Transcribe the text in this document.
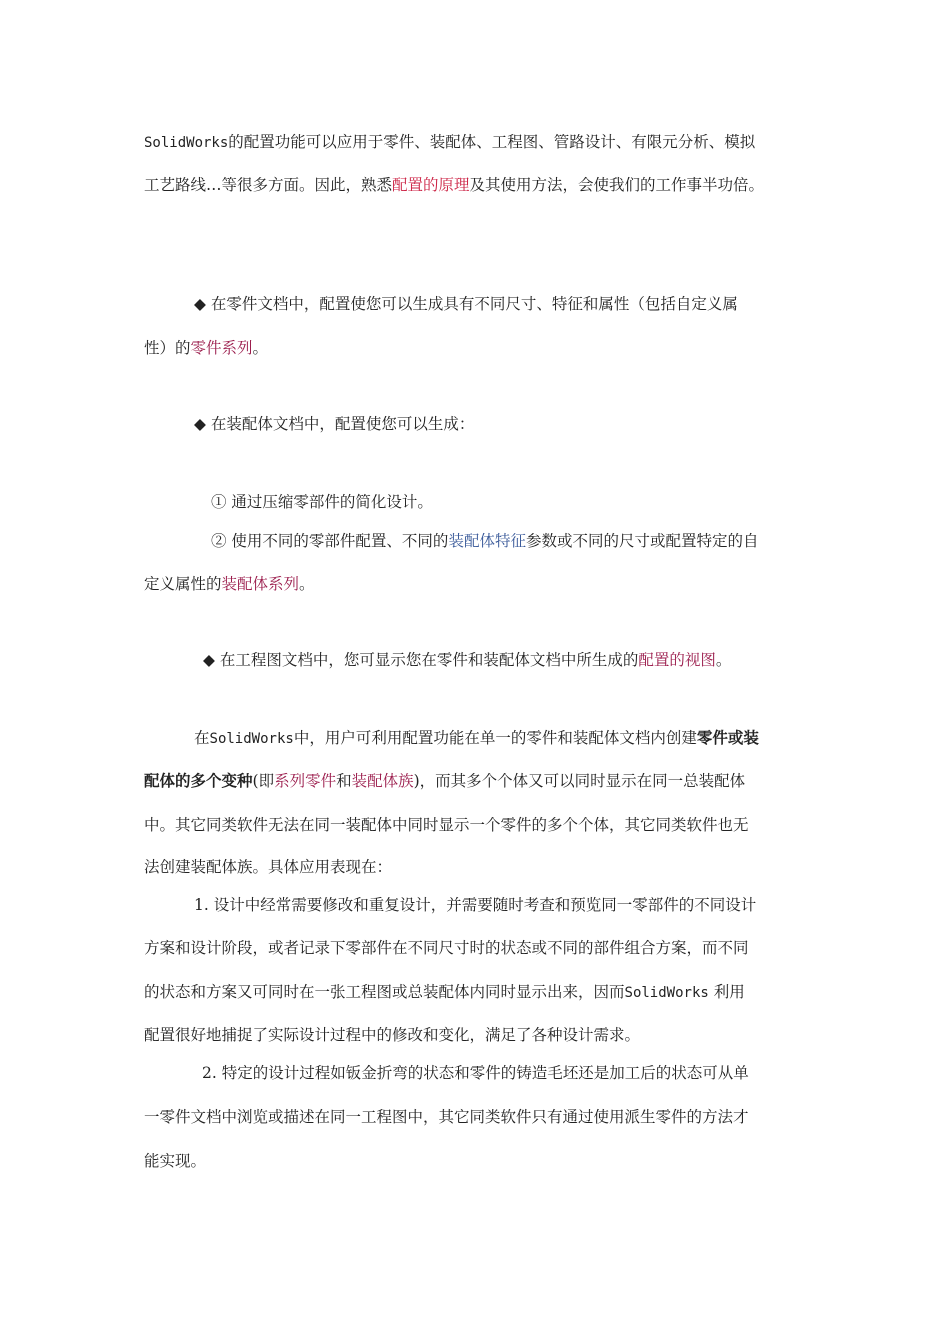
SolidWorks的配置功能可以应用于零件、装配体、工程图、管路设计、有限元分析、模拟
工艺路线…等很多方面。因此，熟悉配置的原理及其使用方法，会使我们的工作事半功倍。
◆ 在零件文档中，配置使您可以生成具有不同尺寸、特征和属性（包括自定义属
性）的零件系列。
◆ 在装配体文档中，配置使您可以生成：
① 通过压缩零部件的简化设计。
② 使用不同的零部件配置、不同的装配体特征参数或不同的尺寸或配置特定的自
定义属性的装配体系列。
◆ 在工程图文档中，您可显示您在零件和装配体文档中所生成的配置的视图。
在SolidWorks中，用户可利用配置功能在单一的零件和装配体文档内创建零件或装
配体的多个变种(即系列零件和装配体族)，而其多个个体又可以同时显示在同一总装配体
中。其它同类软件无法在同一装配体中同时显示一个零件的多个个体，其它同类软件也无
法创建装配体族。具体应用表现在：
1. 设计中经常需要修改和重复设计，并需要随时考查和预览同一零部件的不同设计
方案和设计阶段，或者记录下零部件在不同尺寸时的状态或不同的部件组合方案，而不同
的状态和方案又可同时在一张工程图或总装配体内同时显示出来，因而SolidWorks 利用
配置很好地捕捉了实际设计过程中的修改和变化，满足了各种设计需求。
2. 特定的设计过程如钣金折弯的状态和零件的铸造毛坯还是加工后的状态可从单
一零件文档中浏览或描述在同一工程图中，其它同类软件只有通过使用派生零件的方法才
能实现。
